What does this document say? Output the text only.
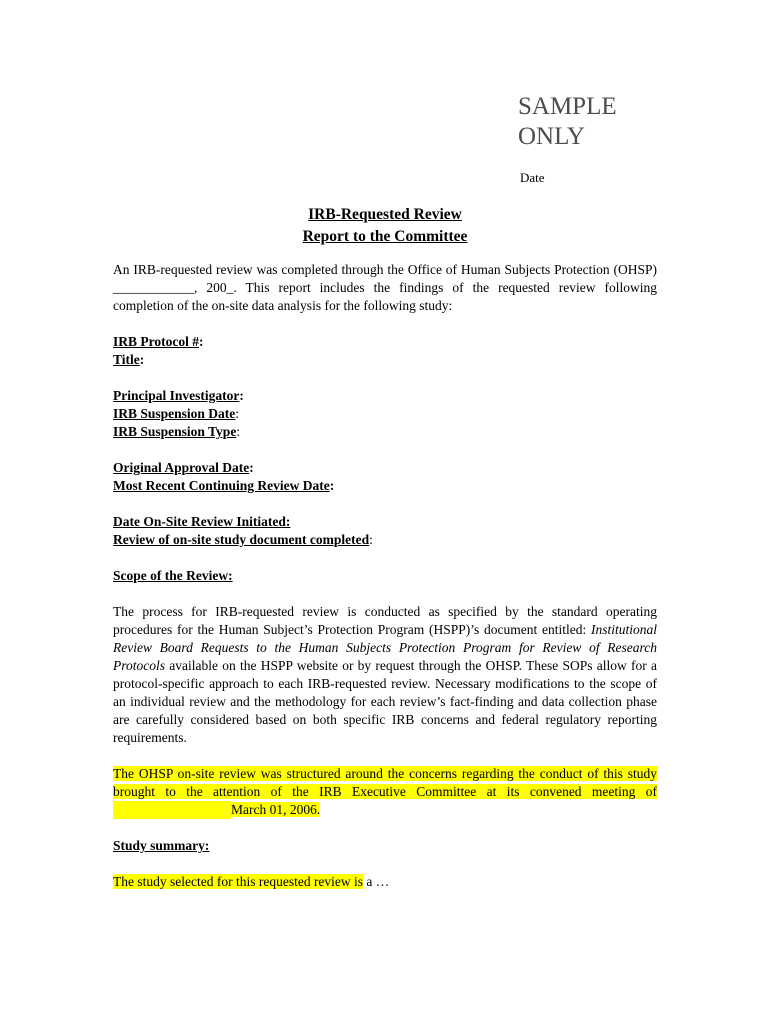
SAMPLE
ONLY
Date
IRB-Requested Review
Report to the Committee

An IRB-requested review was completed through the Office of Human Subjects Protection (OHSP) ____________, 200_. This report includes the findings of the requested review following completion of the on-site data analysis for the following study:

IRB Protocol #:
Title:
Principal Investigator:
IRB Suspension Date:
IRB Suspension Type:
Original Approval Date:
Most Recent Continuing Review Date:
Date On-Site Review Initiated:
Review of on-site study document completed:
Scope of the Review:

The process for IRB-requested review is conducted as specified by the standard operating procedures for the Human Subject’s Protection Program (HSPP)’s document entitled: Institutional Review Board Requests to the Human Subjects Protection Program for Review of Research Protocols available on the HSPP website or by request through the OHSP. These SOPs allow for a protocol-specific approach to each IRB-requested review. Necessary modifications to the scope of an individual review and the methodology for each review’s fact-finding and data collection phase are carefully considered based on both specific IRB concerns and federal regulatory reporting requirements.

The OHSP on-site review was structured around the concerns regarding the conduct of this study brought to the attention of the IRB Executive Committee at its convened meeting of March 01, 2006.

Study summary:

The study selected for this requested review is a …
